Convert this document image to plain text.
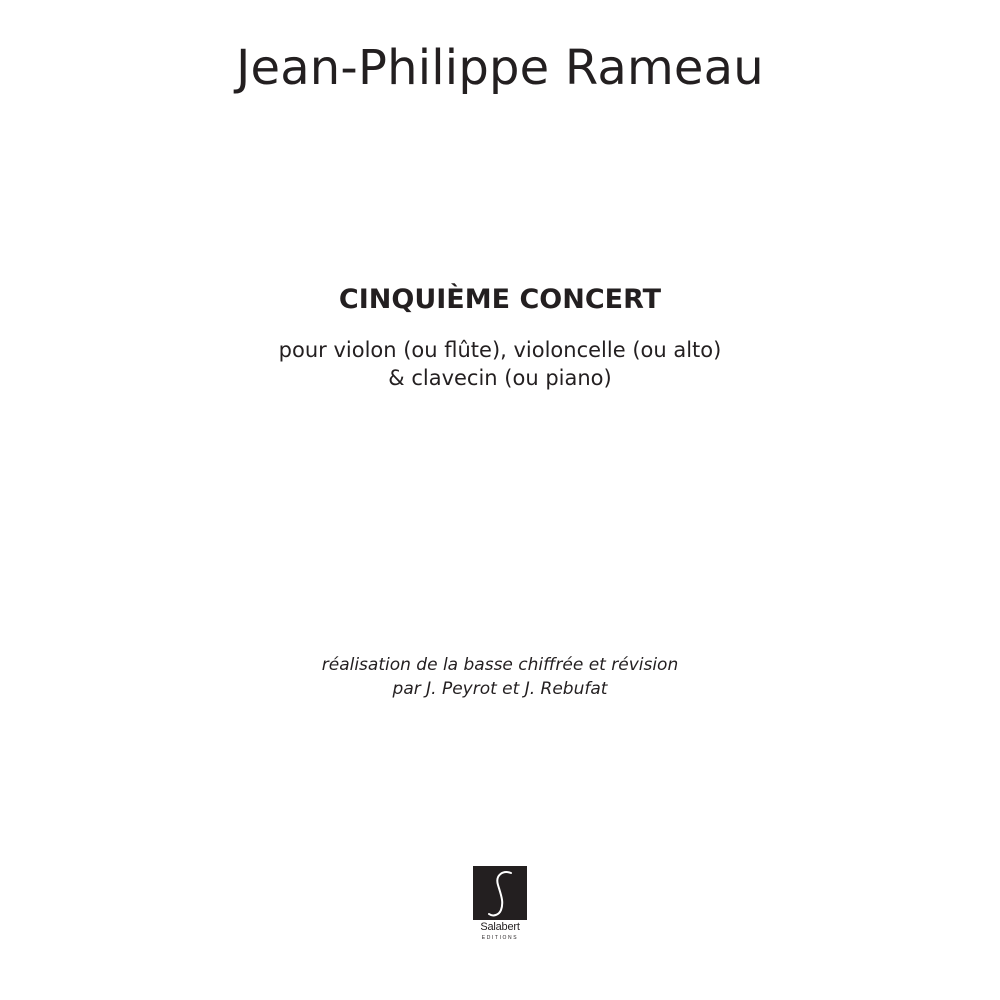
Jean-Philippe Rameau
CINQUIÈME CONCERT
pour violon (ou flûte), violoncelle (ou alto)
& clavecin (ou piano)
réalisation de la basse chiffrée et révision
par J. Peyrot et J. Rebufat
Salabert
EDITIONS
